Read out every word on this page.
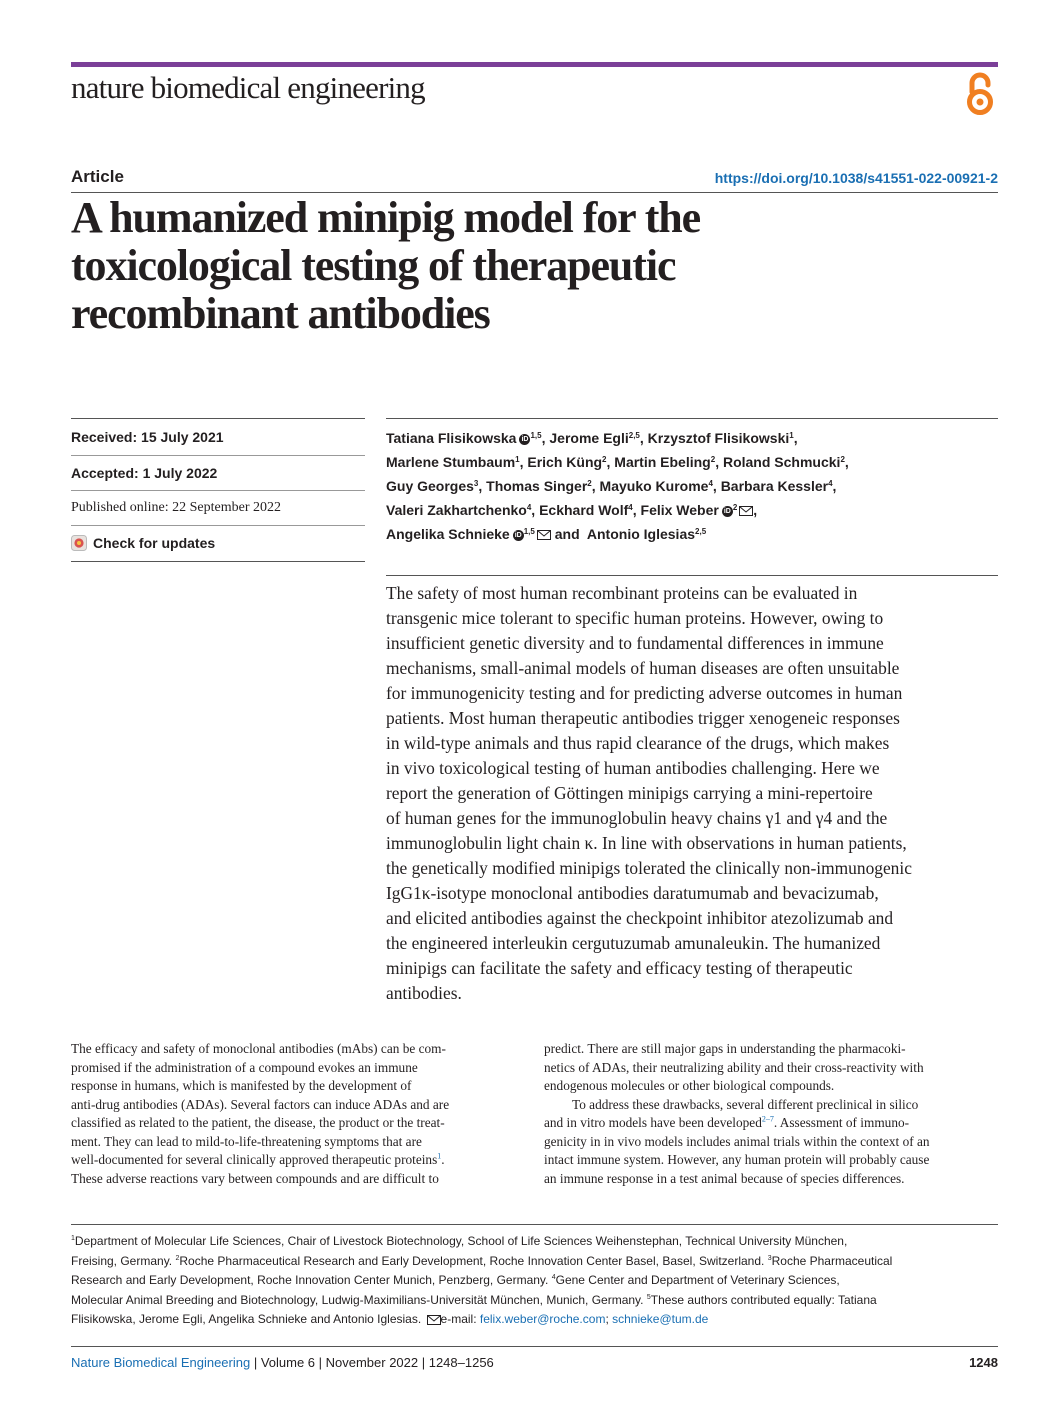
nature biomedical engineering
Article	https://doi.org/10.1038/s41551-022-00921-2
A humanized minipig model for the
toxicological testing of therapeutic
recombinant antibodies
Received: 15 July 2021
Accepted: 1 July 2022
Published online: 22 September 2022
Check for updates
Tatiana Flisikowska iD $^{1,5}$, Jerome Egli$^{2,5}$, Krzysztof Flisikowski$^1$,
Marlene Stumbaum$^1$, Erich Küng$^2$, Martin Ebeling$^2$, Roland Schmucki$^2$,
Guy Georges$^3$, Thomas Singer$^2$, Mayuko Kurome$^4$, Barbara Kessler$^4$,
Valeri Zakhartchenko$^4$, Eckhard Wolf$^4$, Felix Weber iD $^2$ ,
Angelika Schnieke iD $^{1,5}$ and  Antonio Iglesias$^{2,5}$
The safety of most human recombinant proteins can be evaluated in
transgenic mice tolerant to specific human proteins. However, owing to
insufficient genetic diversity and to fundamental differences in immune
mechanisms, small-animal models of human diseases are often unsuitable
for immunogenicity testing and for predicting adverse outcomes in human
patients. Most human therapeutic antibodies trigger xenogeneic responses
in wild-type animals and thus rapid clearance of the drugs, which makes
in vivo toxicological testing of human antibodies challenging. Here we
report the generation of Göttingen minipigs carrying a mini-repertoire
of human genes for the immunoglobulin heavy chains γ1 and γ4 and the
immunoglobulin light chain κ. In line with observations in human patients,
the genetically modified minipigs tolerated the clinically non-immunogenic
IgG1κ-isotype monoclonal antibodies daratumumab and bevacizumab,
and elicited antibodies against the checkpoint inhibitor atezolizumab and
the engineered interleukin cergutuzumab amunaleukin. The humanized
minipigs can facilitate the safety and efficacy testing of therapeutic
antibodies.
The efficacy and safety of monoclonal antibodies (mAbs) can be com-
promised if the administration of a compound evokes an immune
response in humans, which is manifested by the development of
anti-drug antibodies (ADAs). Several factors can induce ADAs and are
classified as related to the patient, the disease, the product or the treat-
ment. They can lead to mild-to-life-threatening symptoms that are
well-documented for several clinically approved therapeutic proteins$^1$.
These adverse reactions vary between compounds and are difficult to
predict. There are still major gaps in understanding the pharmacoki-
netics of ADAs, their neutralizing ability and their cross-reactivity with
endogenous molecules or other biological compounds.
To address these drawbacks, several different preclinical in silico
and in vitro models have been developed$^{2-7}$. Assessment of immuno-
genicity in in vivo models includes animal trials within the context of an
intact immune system. However, any human protein will probably cause
an immune response in a test animal because of species differences.
$^1$Department of Molecular Life Sciences, Chair of Livestock Biotechnology, School of Life Sciences Weihenstephan, Technical University München,
Freising, Germany. $^2$Roche Pharmaceutical Research and Early Development, Roche Innovation Center Basel, Basel, Switzerland. $^3$Roche Pharmaceutical
Research and Early Development, Roche Innovation Center Munich, Penzberg, Germany. $^4$Gene Center and Department of Veterinary Sciences,
Molecular Animal Breeding and Biotechnology, Ludwig-Maximilians-Universität München, Munich, Germany. $^5$These authors contributed equally: Tatiana
Flisikowska, Jerome Egli, Angelika Schnieke and Antonio Iglesias. e-mail: felix.weber@roche.com; schnieke@tum.de
Nature Biomedical Engineering | Volume 6 | November 2022 | 1248–1256	1248
